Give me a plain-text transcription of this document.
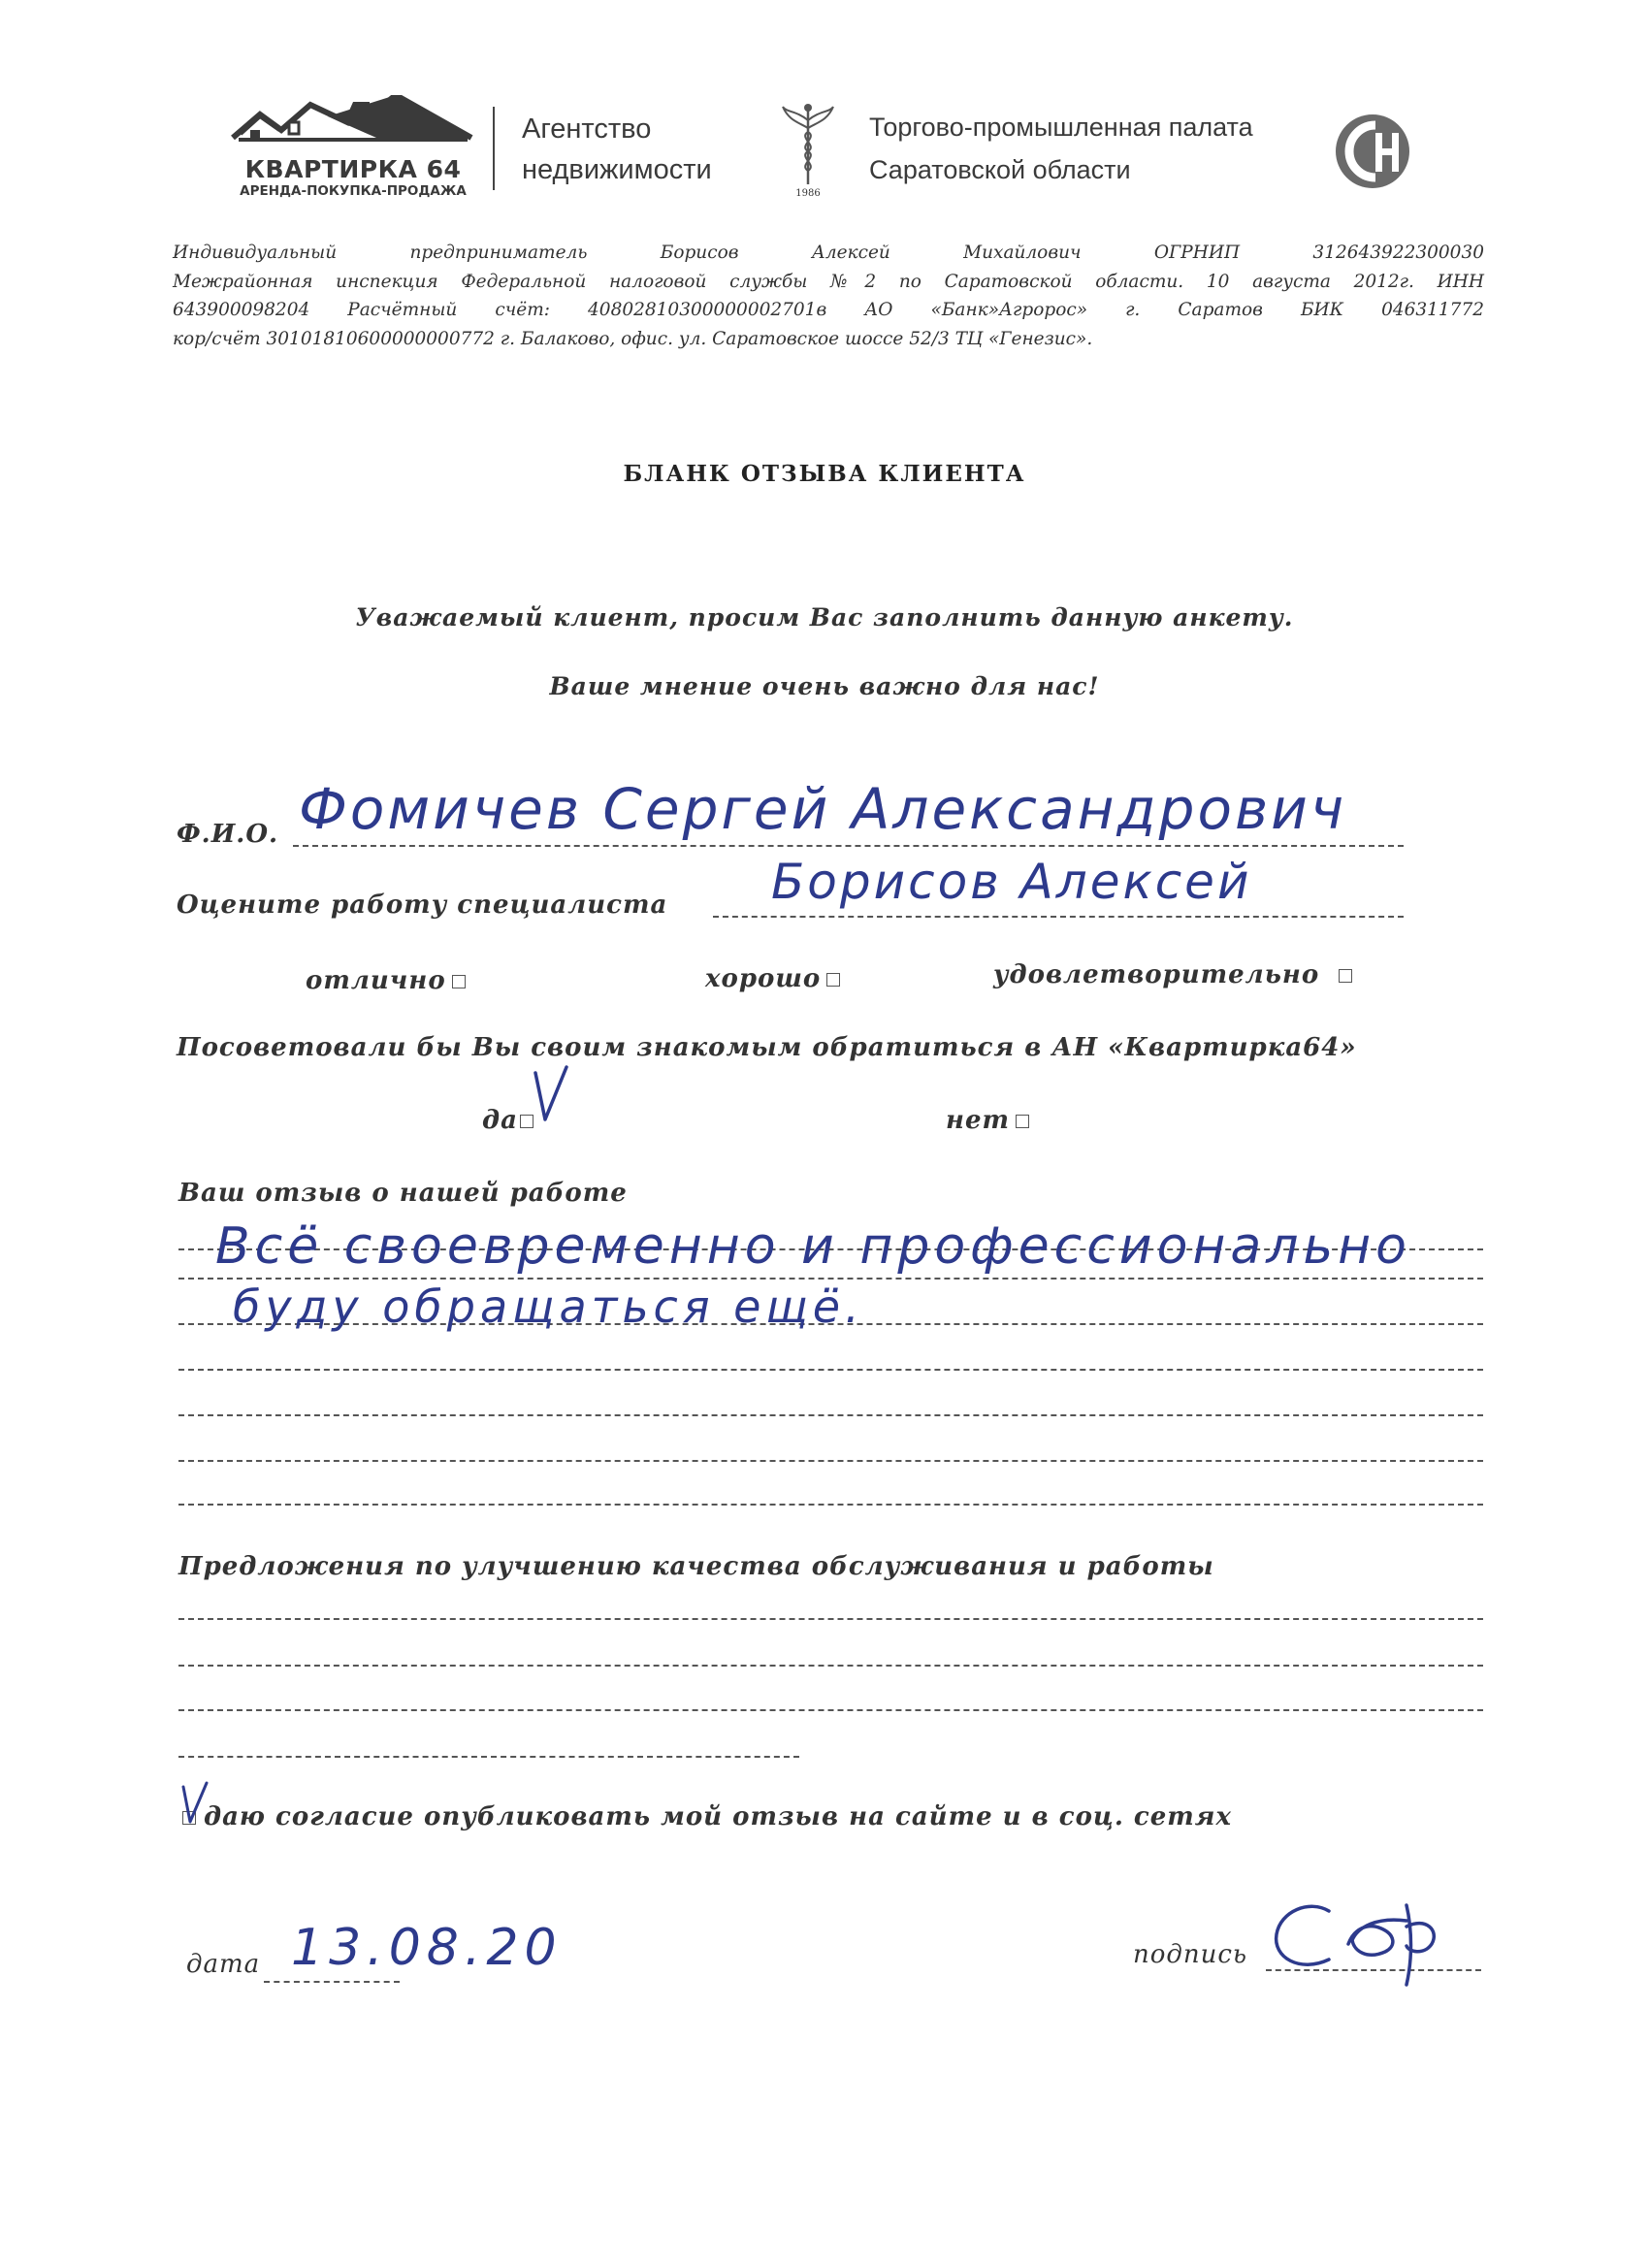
КВАРТИРКА 64
АРЕНДА-ПОКУПКА-ПРОДАЖА
Агентство
недвижимости
1986
Торгово-промышленная палата
Саратовской области
Индивидуальный предприниматель Борисов Алексей Михайлович ОГРНИП 312643922300030
Межрайонная инспекция Федеральной налоговой службы №2 по Саратовской области. 10 августа 2012г. ИНН
643900098204 Расчётный счёт: 40802810300000002701в АО «Банк»Агророс» г. Саратов БИК 046311772
кор/счёт 30101810600000000772 г. Балаково, офис. ул. Саратовское шоссе 52/3 ТЦ «Генезис».
БЛАНК ОТЗЫВА КЛИЕНТА
Уважаемый клиент, просим Вас заполнить данную анкету.
Ваше мнение очень важно для нас!
Ф.И.О. Фомичев Сергей Александрович
Оцените работу специалиста Борисов Алексей
отлично	хорошо	удовлетворительно
Посоветовали бы Вы своим знакомым обратиться в АН «Квартирка64»
да	нет
Ваш отзыв о нашей работе
Всё своевременно и профессионально
буду обращаться ещё.
Предложения по улучшению качества обслуживания и работы
даю согласие опубликовать мой отзыв на сайте и в соц. сетях
дата 13.08.20	подпись
